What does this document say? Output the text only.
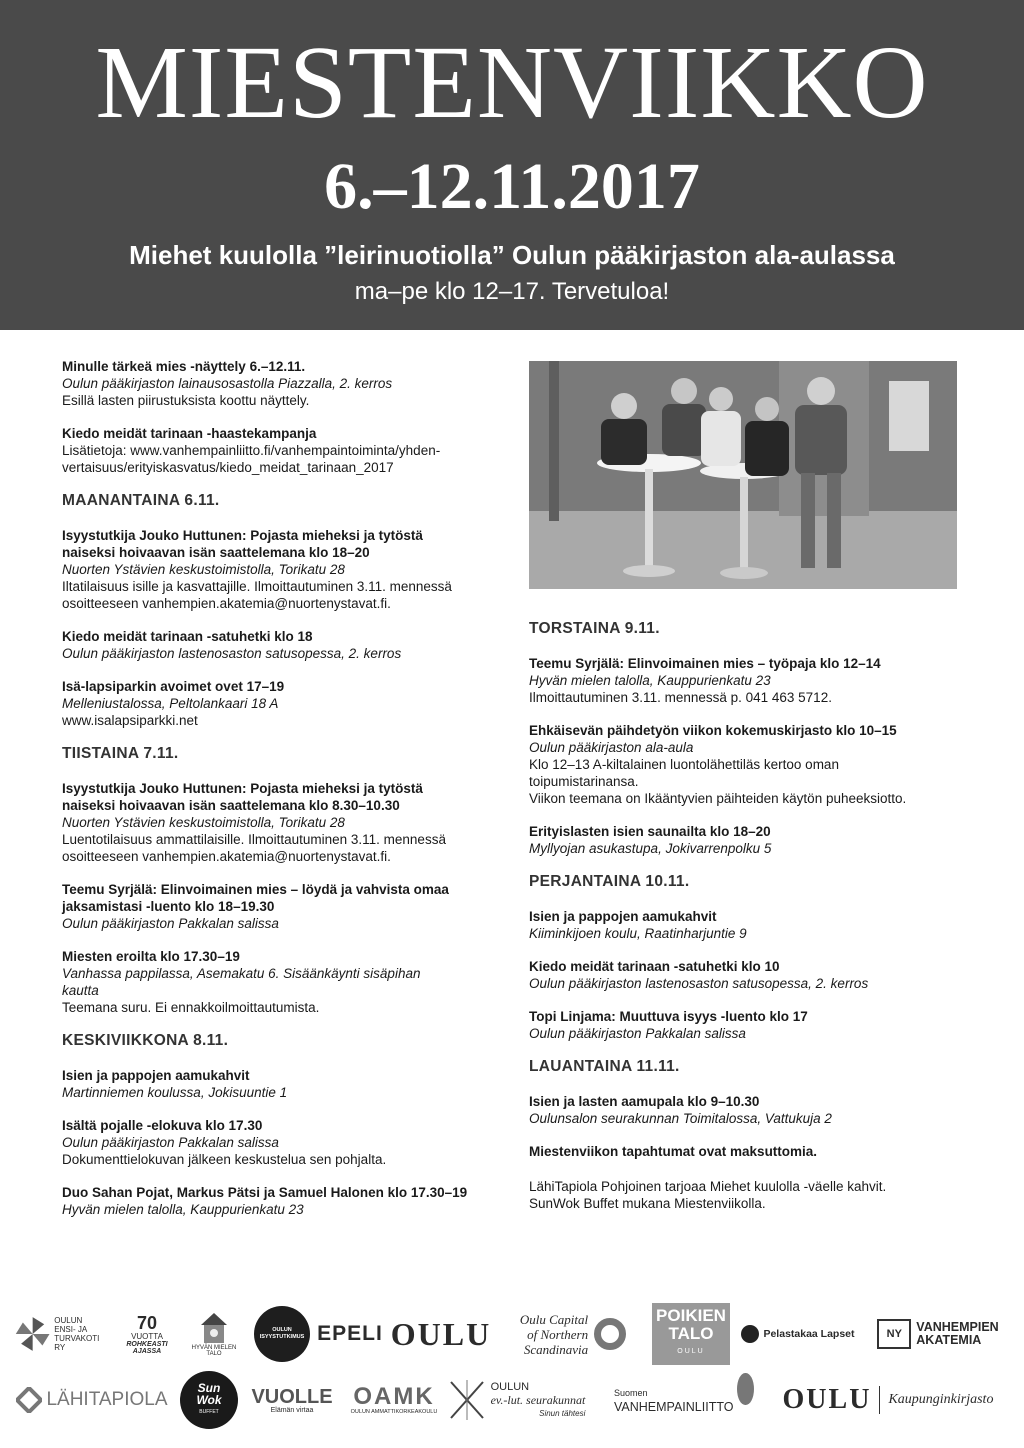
MIESTENVIIKKO
6.–12.11.2017
Miehet kuulolla ”leirinuotiolla” Oulun pääkirjaston ala-aulassa
ma–pe klo 12–17. Tervetuloa!
Minulle tärkeä mies -näyttely 6.–12.11.
Oulun pääkirjaston lainausosastolla Piazzalla, 2. kerros
Esillä lasten piirustuksista koottu näyttely.
Kiedo meidät tarinaan -haastekampanja
Lisätietoja: www.vanhempainliitto.fi/vanhempaintoiminta/yhden-
vertaisuus/erityiskasvatus/kiedo_meidat_tarinaan_2017
MAANANTAINA 6.11.
Isyystutkija Jouko Huttunen: Pojasta mieheksi ja tytöstä
naiseksi hoivaavan isän saattelemana klo 18–20
Nuorten Ystävien keskustoimistolla, Torikatu 28
Iltatilaisuus isille ja kasvattajille. Ilmoittautuminen 3.11. mennessä
osoitteeseen vanhempien.akatemia@nuortenystavat.fi.
Kiedo meidät tarinaan -satuhetki klo 18
Oulun pääkirjaston lastenosaston satusopessa, 2. kerros
Isä-lapsiparkin avoimet ovet 17–19
Melleniustalossa, Peltolankaari 18 A
www.isalapsiparkki.net
TIISTAINA 7.11.
Isyystutkija Jouko Huttunen: Pojasta mieheksi ja tytöstä
naiseksi hoivaavan isän saattelemana klo 8.30–10.30
Nuorten Ystävien keskustoimistolla, Torikatu 28
Luentotilaisuus ammattilaisille. Ilmoittautuminen 3.11. mennessä
osoitteeseen vanhempien.akatemia@nuortenystavat.fi.
Teemu Syrjälä: Elinvoimainen mies – löydä ja vahvista omaa
jaksamistasi -luento klo 18–19.30
Oulun pääkirjaston Pakkalan salissa
Miesten eroilta klo 17.30–19
Vanhassa pappilassa, Asemakatu 6. Sisäänkäynti sisäpihan
kautta
Teemana suru. Ei ennakkoilmoittautumista.
KESKIVIIKKONA 8.11.
Isien ja pappojen aamukahvit
Martinniemen koulussa, Jokisuuntie 1
Isältä pojalle -elokuva klo 17.30
Oulun pääkirjaston Pakkalan salissa
Dokumenttielokuvan jälkeen keskustelua sen pohjalta.
Duo Sahan Pojat, Markus Pätsi ja Samuel Halonen klo 17.30–19
Hyvän mielen talolla, Kauppurienkatu 23
TORSTAINA 9.11.
Teemu Syrjälä: Elinvoimainen mies – työpaja klo 12–14
Hyvän mielen talolla, Kauppurienkatu 23
Ilmoittautuminen 3.11. mennessä p. 041 463 5712.
Ehkäisevän päihdetyön viikon kokemuskirjasto klo 10–15
Oulun pääkirjaston ala-aula
Klo 12–13 A-kiltalainen luontolähettiläs kertoo oman
toipumistarinansa.
Viikon teemana on Ikääntyvien päihteiden käytön puheeksiotto.
Erityislasten isien saunailta klo 18–20
Myllyojan asukastupa, Jokivarrenpolku 5
PERJANTAINA 10.11.
Isien ja pappojen aamukahvit
Kiiminkijoen koulu, Raatinharjuntie 9
Kiedo meidät tarinaan -satuhetki klo 10
Oulun pääkirjaston lastenosaston satusopessa, 2. kerros
Topi Linjama: Muuttuva isyys -luento klo 17
Oulun pääkirjaston Pakkalan salissa
LAUANTAINA 11.11.
Isien ja lasten aamupala klo 9–10.30
Oulunsalon seurakunnan Toimitalossa, Vattukuja 2
Miestenviikon tapahtumat ovat maksuttomia.
LähiTapiola Pohjoinen tarjoaa Miehet kuulolla -väelle kahvit.
SunWok Buffet mukana Miestenviikolla.
OULUN
ENSI- JA
TURVAKOTI RY
70
VUOTTA
ROHKEASTI AJASSA	HYVÄN MIELEN TALO
OULUN ISYYSTUTKIMUS EPELI OULU Oulu Capital
of Northern
Scandinavia
POIKIEN
TALO
OULU
Pelastakaa Lapset	NY	VANHEMPIEN
AKATEMIA
LÄHITAPIOLA
Sun
Wok
BUFFET
VUOLLE
Elämän virtaa OAMK
OULUN AMMATTIKORKEAKOULU
OULUN
ev.-lut. seurakunnat
Sinun tähtesi
Suomen
VANHEMPAINLIITTO OULU Kaupunginkirjasto
